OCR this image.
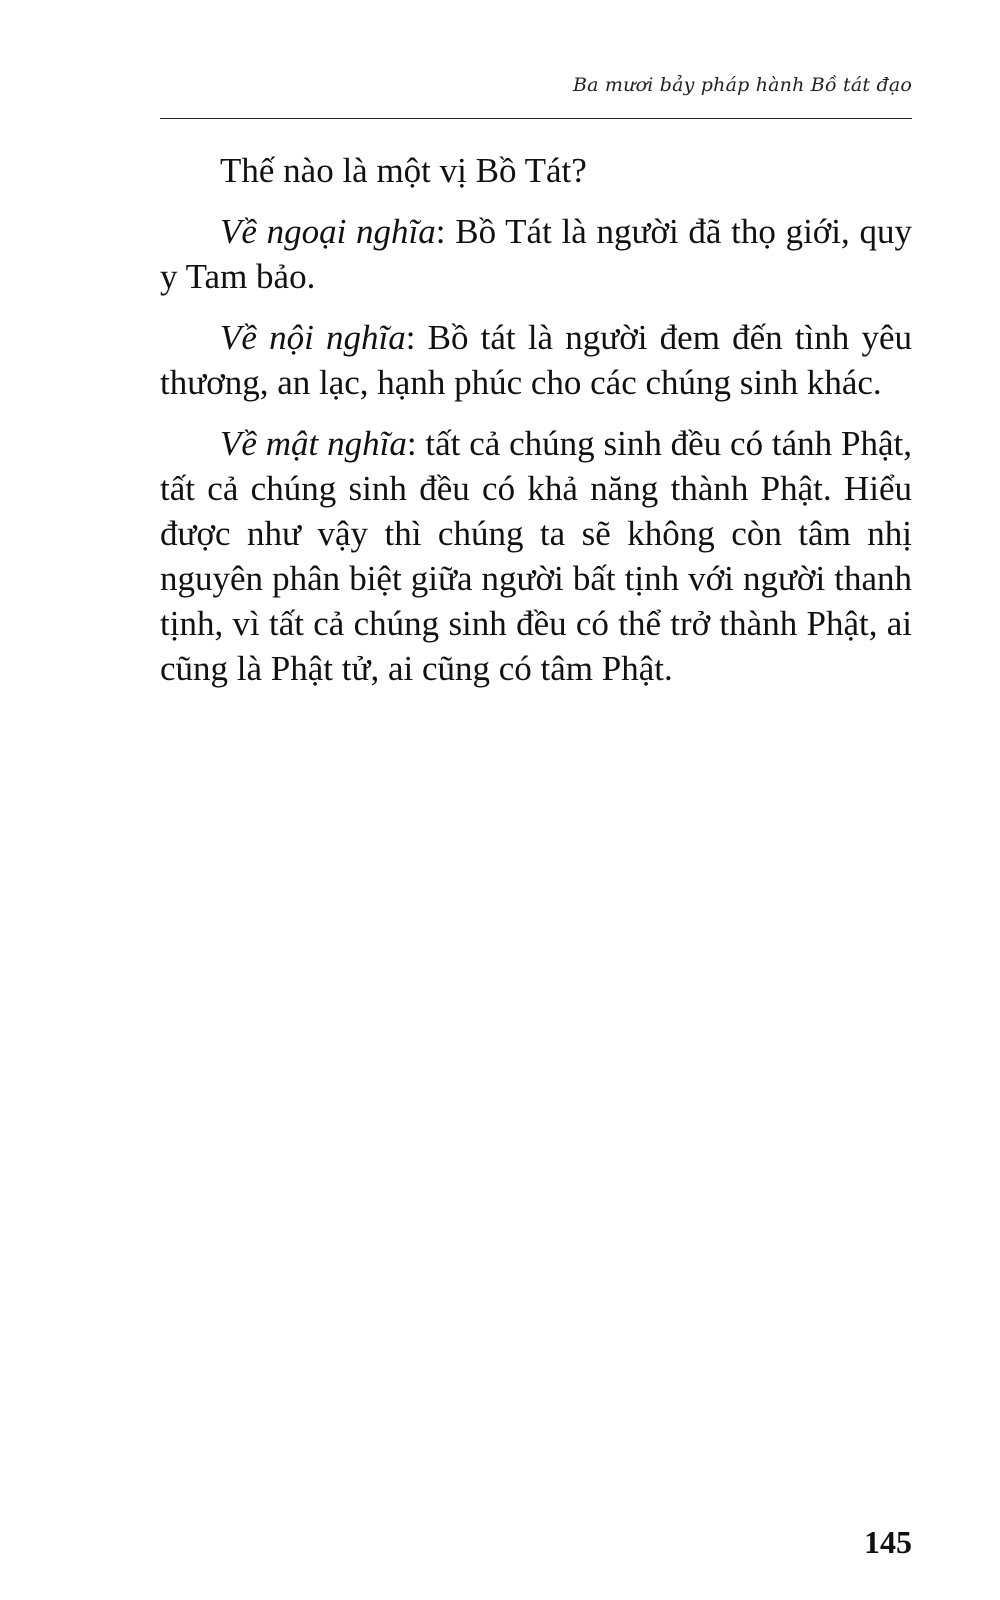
Ba mươi bảy pháp hành Bồ tát đạo

Thế nào là một vị Bồ Tát?

Về ngoại nghĩa: Bồ Tát là người đã thọ giới, quy y Tam bảo.

Về nội nghĩa: Bồ tát là người đem đến tình yêu thương, an lạc, hạnh phúc cho các chúng sinh khác.

Về mật nghĩa: tất cả chúng sinh đều có tánh Phật, tất cả chúng sinh đều có khả năng thành Phật. Hiểu được như vậy thì chúng ta sẽ không còn tâm nhị nguyên phân biệt giữa người bất tịnh với người thanh tịnh, vì tất cả chúng sinh đều có thể trở thành Phật, ai cũng là Phật tử, ai cũng có tâm Phật.

145
